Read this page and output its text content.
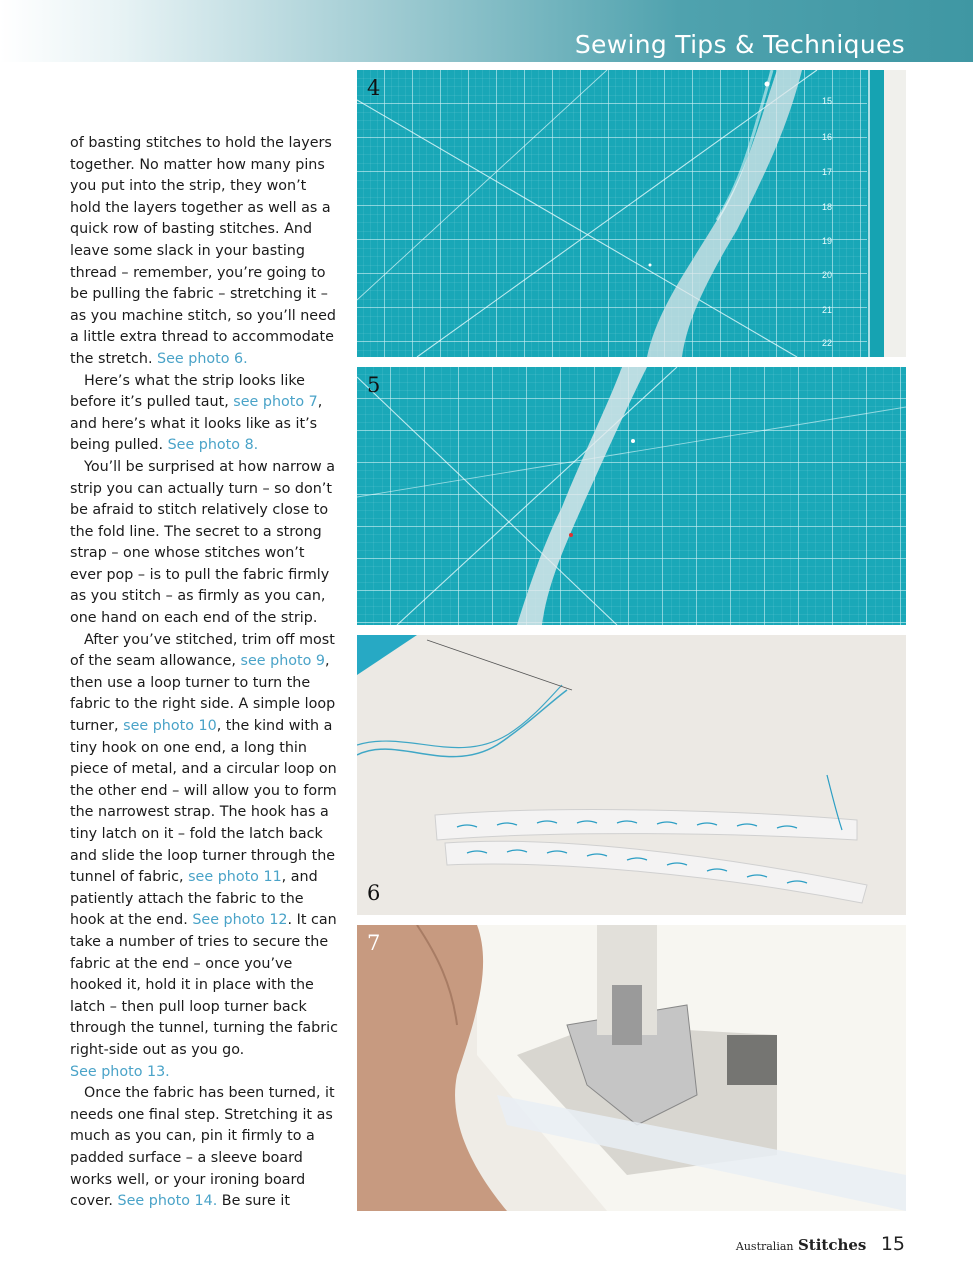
Sewing Tips & Techniques

of basting stitches to hold the layers together. No matter how many pins you put into the strip, they won’t hold the layers together as well as a quick row of basting stitches. And leave some slack in your basting thread – remember, you’re going to be pulling the fabric – stretching it – as you machine stitch, so you’ll need a little extra thread to accommodate the stretch. See photo 6.

Here’s what the strip looks like before it’s pulled taut, see photo 7, and here’s what it looks like as it’s being pulled. See photo 8.

You’ll be surprised at how narrow a strip you can actually turn – so don’t be afraid to stitch relatively close to the fold line. The secret to a strong strap – one whose stitches won’t ever pop – is to pull the fabric firmly as you stitch – as firmly as you can, one hand on each end of the strip.

After you’ve stitched, trim off most of the seam allowance, see photo 9, then use a loop turner to turn the fabric to the right side. A simple loop turner, see photo 10, the kind with a tiny hook on one end, a long thin piece of metal, and a circular loop on the other end – will allow you to form the narrowest strap. The hook has a tiny latch on it – fold the latch back and slide the loop turner through the tunnel of fabric, see photo 11, and patiently attach the fabric to the hook at the end. See photo 12. It can take a number of tries to secure the fabric at the end – once you’ve hooked it, hold it in place with the latch – then pull loop turner back through the tunnel, turning the fabric right-side out as you go.

See photo 13.

Once the fabric has been turned, it needs one final step. Stretching it as much as you can, pin it firmly to a padded surface – a sleeve board works well, or your ironing board cover. See photo 14. Be sure it

4
15
16
17
18
19
20
21
22
5
6
7
Australian Stitches 15
